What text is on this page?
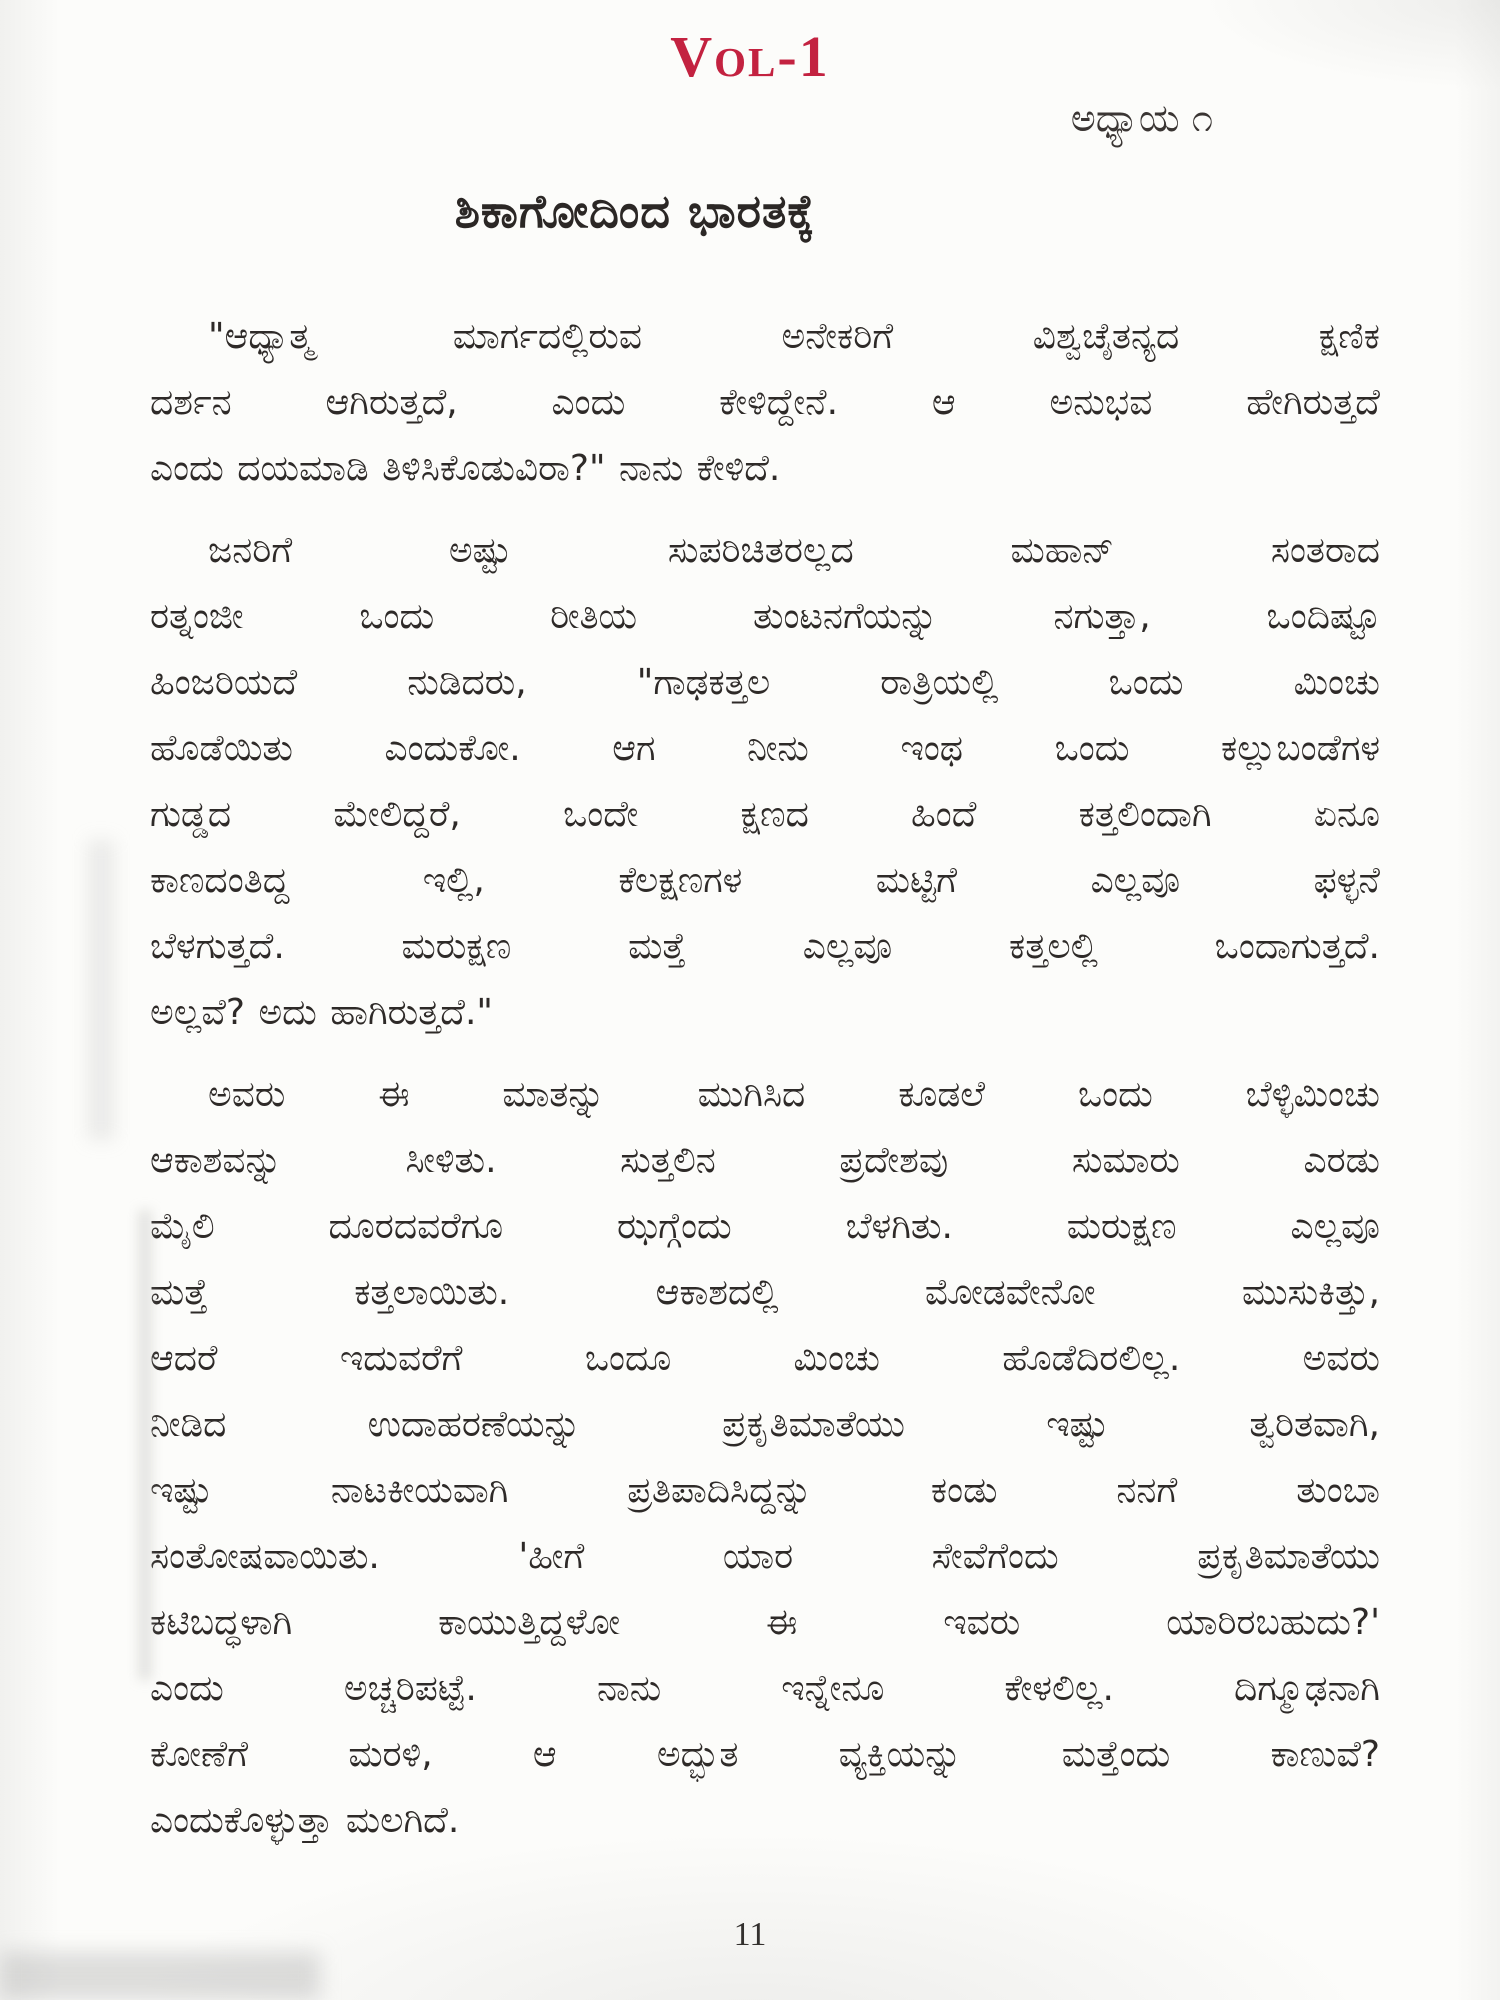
Vol-1
ಅಧ್ಯಾಯ ೧
ಶಿಕಾಗೋದಿಂದ ಭಾರತಕ್ಕೆ
"ಆಧ್ಯಾತ್ಮ ಮಾರ್ಗದಲ್ಲಿರುವ ಅನೇಕರಿಗೆ ವಿಶ್ವಚೈತನ್ಯದ ಕ್ಷಣಿಕ
ದರ್ಶನ ಆಗಿರುತ್ತದೆ, ಎಂದು ಕೇಳಿದ್ದೇನೆ. ಆ ಅನುಭವ ಹೇಗಿರುತ್ತದೆ
ಎಂದು ದಯಮಾಡಿ ತಿಳಿಸಿಕೊಡುವಿರಾ?" ನಾನು ಕೇಳಿದೆ.
ಜನರಿಗೆ ಅಷ್ಟು ಸುಪರಿಚಿತರಲ್ಲದ ಮಹಾನ್ ಸಂತರಾದ
ರತ್ನಂಜೀ ಒಂದು ರೀತಿಯ ತುಂಟನಗೆಯನ್ನು ನಗುತ್ತಾ, ಒಂದಿಷ್ಟೂ
ಹಿಂಜರಿಯದೆ ನುಡಿದರು, "ಗಾಢಕತ್ತಲ ರಾತ್ರಿಯಲ್ಲಿ ಒಂದು ಮಿಂಚು
ಹೊಡೆಯಿತು ಎಂದುಕೋ. ಆಗ ನೀನು ಇಂಥ ಒಂದು ಕಲ್ಲುಬಂಡೆಗಳ
ಗುಡ್ಡದ ಮೇಲಿದ್ದರೆ, ಒಂದೇ ಕ್ಷಣದ ಹಿಂದೆ ಕತ್ತಲಿಂದಾಗಿ ಏನೂ
ಕಾಣದಂತಿದ್ದ ಇಲ್ಲಿ, ಕೆಲಕ್ಷಣಗಳ ಮಟ್ಟಿಗೆ ಎಲ್ಲವೂ ಫಳ್ಳನೆ
ಬೆಳಗುತ್ತದೆ. ಮರುಕ್ಷಣ ಮತ್ತೆ ಎಲ್ಲವೂ ಕತ್ತಲಲ್ಲಿ ಒಂದಾಗುತ್ತದೆ.
ಅಲ್ಲವೆ? ಅದು ಹಾಗಿರುತ್ತದೆ."
ಅವರು ಈ ಮಾತನ್ನು ಮುಗಿಸಿದ ಕೂಡಲೆ ಒಂದು ಬೆಳ್ಳಿಮಿಂಚು
ಆಕಾಶವನ್ನು ಸೀಳಿತು. ಸುತ್ತಲಿನ ಪ್ರದೇಶವು ಸುಮಾರು ಎರಡು
ಮೈಲಿ ದೂರದವರೆಗೂ ಝಗ್ಗೆಂದು ಬೆಳಗಿತು. ಮರುಕ್ಷಣ ಎಲ್ಲವೂ
ಮತ್ತೆ ಕತ್ತಲಾಯಿತು. ಆಕಾಶದಲ್ಲಿ ಮೋಡವೇನೋ ಮುಸುಕಿತ್ತು,
ಆದರೆ ಇದುವರೆಗೆ ಒಂದೂ ಮಿಂಚು ಹೊಡೆದಿರಲಿಲ್ಲ. ಅವರು
ನೀಡಿದ ಉದಾಹರಣೆಯನ್ನು ಪ್ರಕೃತಿಮಾತೆಯು ಇಷ್ಟು ತ್ವರಿತವಾಗಿ,
ಇಷ್ಟು ನಾಟಕೀಯವಾಗಿ ಪ್ರತಿಪಾದಿಸಿದ್ದನ್ನು ಕಂಡು ನನಗೆ ತುಂಬಾ
ಸಂತೋಷವಾಯಿತು. 'ಹೀಗೆ ಯಾರ ಸೇವೆಗೆಂದು ಪ್ರಕೃತಿಮಾತೆಯು
ಕಟಿಬದ್ಧಳಾಗಿ ಕಾಯುತ್ತಿದ್ದಳೋ ಈ ಇವರು ಯಾರಿರಬಹುದು?'
ಎಂದು ಅಚ್ಚರಿಪಟ್ಟೆ. ನಾನು ಇನ್ನೇನೂ ಕೇಳಲಿಲ್ಲ. ದಿಗ್ಮೂಢನಾಗಿ
ಕೋಣೆಗೆ ಮರಳಿ, ಆ ಅದ್ಭುತ ವ್ಯಕ್ತಿಯನ್ನು ಮತ್ತೆಂದು ಕಾಣುವೆ?
ಎಂದುಕೊಳ್ಳುತ್ತಾ ಮಲಗಿದೆ.
11
